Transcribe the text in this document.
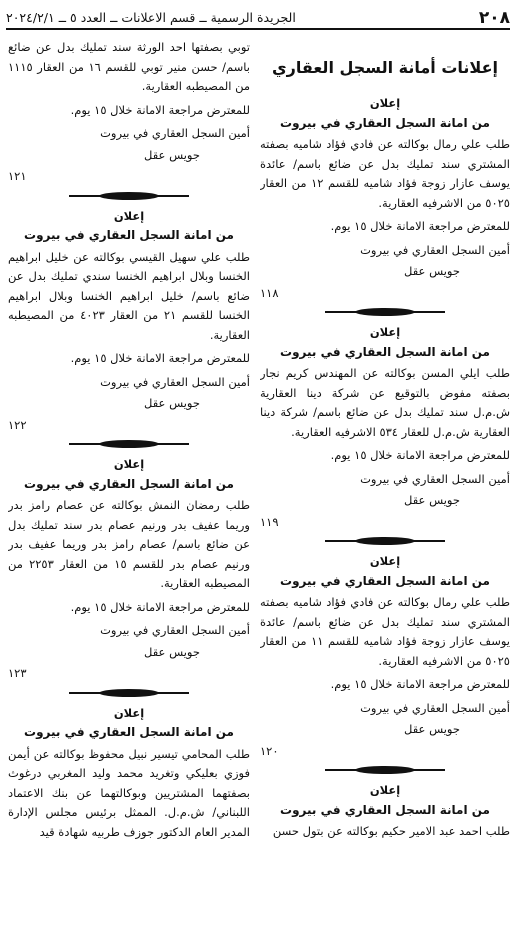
٢٠٨
الجريدة الرسمية ــ قسم الاعلانات ــ العدد ٥ ــ ٢٠٢٤/٢/١
إعلانات أمانة السجل العقاري
إعلان
من امانة السجل العقاري في بيروت

طلب علي رمال بوكالته عن فادي فؤاد شاميه بصفته المشتري سند تمليك بدل عن ضائع باسم/ عائدة يوسف عازار زوجة فؤاد شاميه للقسم ١٢ من العقار ٥٠٢٥ من الاشرفيه العقارية.

للمعترض مراجعة الامانة خلال ١٥ يوم.

أمين السجل العقاري في بيروت

جويس عقل

١١٨

إعلان
من امانة السجل العقاري في بيروت

طلب ايلي المسن بوكالته عن المهندس كريم نجار بصفته مفوض بالتوقيع عن شركة دينا العقارية ش.م.ل سند تمليك بدل عن ضائع باسم/ شركة دينا العقارية ش.م.ل للعقار ٥٣٤ الاشرفيه العقارية.

للمعترض مراجعة الامانة خلال ١٥ يوم.

أمين السجل العقاري في بيروت

جويس عقل

١١٩

إعلان
من امانة السجل العقاري في بيروت

طلب علي رمال بوكالته عن فادي فؤاد شاميه بصفته المشتري سند تمليك بدل عن ضائع باسم/ عائدة يوسف عازار زوجة فؤاد شاميه للقسم ١١ من العقار ٥٠٢٥ من الاشرفيه العقارية.

للمعترض مراجعة الامانة خلال ١٥ يوم.

أمين السجل العقاري في بيروت

جويس عقل

١٢٠

إعلان
من امانة السجل العقاري في بيروت

طلب احمد عبد الامير حكيم بوكالته عن بتول حسن

توبي بصفتها احد الورثة سند تمليك بدل عن ضائع باسم/ حسن منير توبي للقسم ١٦ من العقار ١١١٥ من المصيطبه العقارية.

للمعترض مراجعة الامانة خلال ١٥ يوم.

أمين السجل العقاري في بيروت

جويس عقل

١٢١

إعلان
من امانة السجل العقاري في بيروت

طلب علي سهيل القيسي بوكالته عن خليل ابراهيم الخنسا وبلال ابراهيم الخنسا سندي تمليك بدل عن ضائع باسم/ خليل ابراهيم الخنسا وبلال ابراهيم الخنسا للقسم ٢١ من العقار ٤٠٢٣ من المصيطبه العقارية.

للمعترض مراجعة الامانة خلال ١٥ يوم.

أمين السجل العقاري في بيروت

جويس عقل

١٢٢

إعلان
من امانة السجل العقاري في بيروت

طلب رمضان النمش بوكالته عن عصام رامز بدر وريما عفيف بدر ورنيم عصام بدر سند تمليك بدل عن ضائع باسم/ عصام رامز بدر وريما عفيف بدر ورنيم عصام بدر للقسم ١٥ من العقار ٢٢٥٣ من المصيطبه العقارية.

للمعترض مراجعة الامانة خلال ١٥ يوم.

أمين السجل العقاري في بيروت

جويس عقل

١٢٣

إعلان
من امانة السجل العقاري في بيروت

طلب المحامي تيسير نبيل محفوظ بوكالته عن أيمن فوزي بعليكي وتغريد محمد وليد المغربي درغوث بصفتهما المشتريين وبوكالتهما عن بنك الاعتماد اللبناني/ ش.م.ل. الممثل برئيس مجلس الإدارة المدير العام الدكتور جوزف طربيه شهادة قيد
